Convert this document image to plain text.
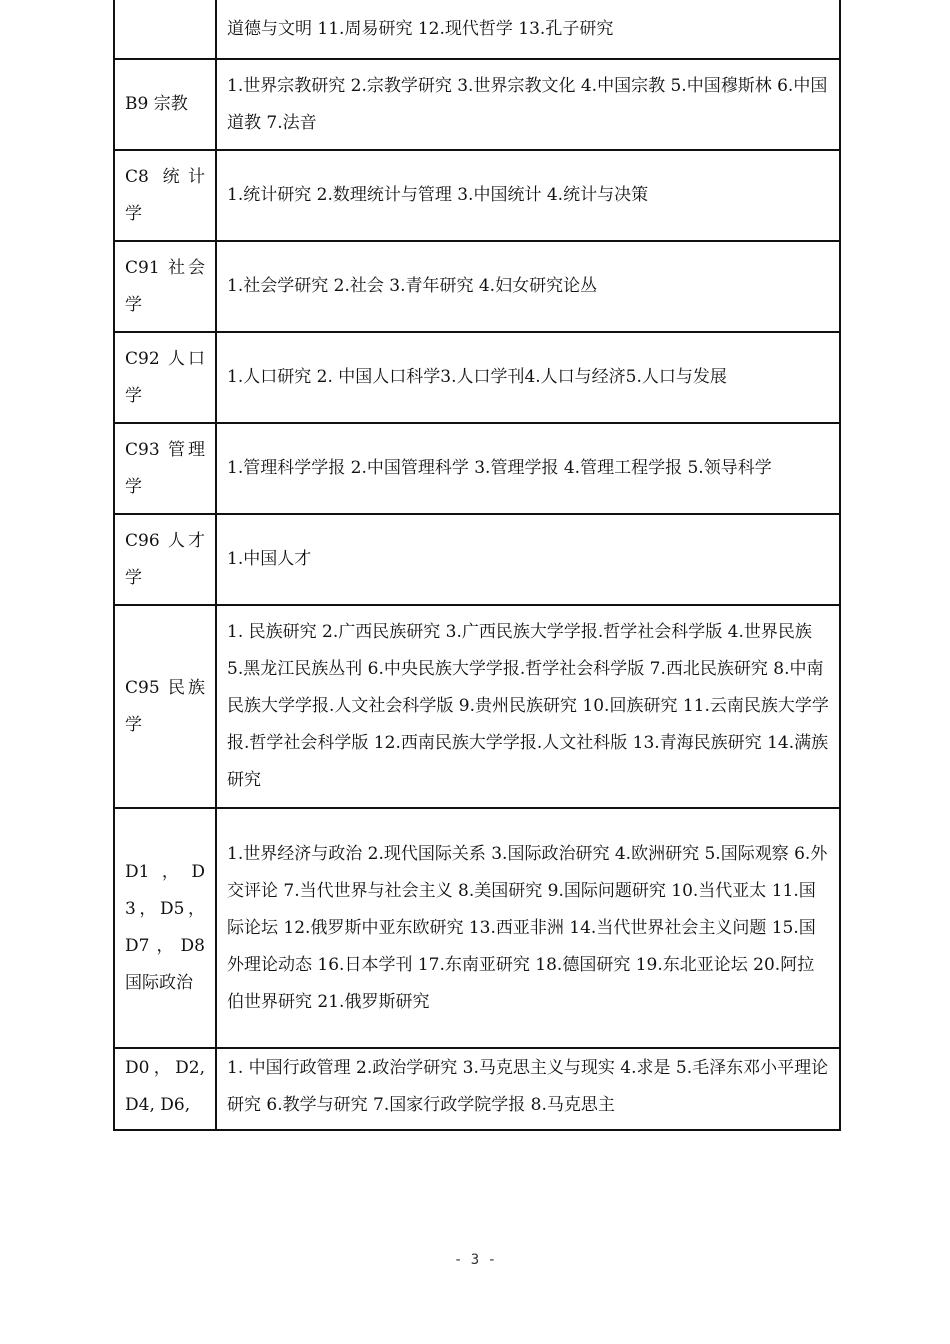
	道德与文明 11.周易研究 12.现代哲学 13.孔子研究
B9 宗教	1.世界宗教研究 2.宗教学研究 3.世界宗教文化 4.中国宗教 5.中国穆斯林 6.中国道教 7.法音
C8 统计学	1.统计研究 2.数理统计与管理 3.中国统计 4.统计与决策
C91 社会学	1.社会学研究 2.社会 3.青年研究 4.妇女研究论丛
C92 人口学	1.人口研究 2. 中国人口科学3.人口学刊4.人口与经济5.人口与发展
C93 管理学	1.管理科学学报 2.中国管理科学 3.管理学报 4.管理工程学报 5.领导科学
C96 人才学	1.中国人才
C95 民族学	1. 民族研究 2.广西民族研究 3.广西民族大学学报.哲学社会科学版 4.世界民族 5.黑龙江民族丛刊 6.中央民族大学学报.哲学社会科学版 7.西北民族研究 8.中南民族大学学报.人文社会科学版 9.贵州民族研究 10.回族研究 11.云南民族大学学报.哲学社会科学版 12.西南民族大学学报.人文社科版 13.青海民族研究 14.满族研究
D1，D3，D5，D7，D8 国际政治	1.世界经济与政治 2.现代国际关系 3.国际政治研究 4.欧洲研究 5.国际观察 6.外交评论 7.当代世界与社会主义 8.美国研究 9.国际问题研究 10.当代亚太 11.国际论坛 12.俄罗斯中亚东欧研究 13.西亚非洲 14.当代世界社会主义问题 15.国外理论动态 16.日本学刊 17.东南亚研究 18.德国研究 19.东北亚论坛 20.阿拉伯世界研究 21.俄罗斯研究
D0，D2, D4, D6,	1. 中国行政管理 2.政治学研究 3.马克思主义与现实 4.求是 5.毛泽东邓小平理论研究 6.教学与研究 7.国家行政学院学报 8.马克思主
- 3 -
